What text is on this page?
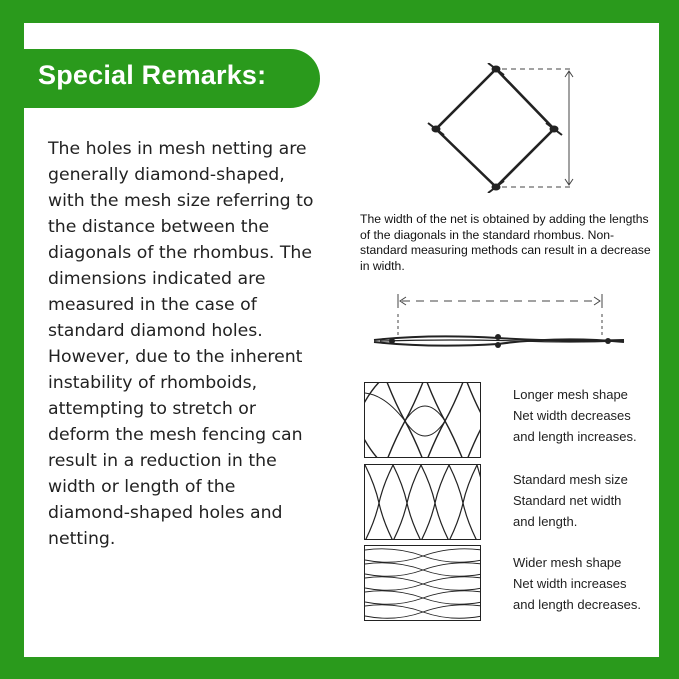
Special Remarks:
The holes in mesh netting are generally diamond-shaped, with the mesh size referring to the distance between the diagonals of the rhombus. The dimensions indicated are measured in the case of standard diamond holes. However, due to the inherent instability of rhomboids, attempting to stretch or deform the mesh fencing can result in a reduction in the width or length of the diamond-shaped holes and netting.
The width of the net is obtained by adding the lengths of the diagonals in the standard rhombus. Non-standard measuring methods can result in a decrease in width.
Longer mesh shape
Net width decreases
and length increases.
Standard mesh size
Standard net width
and length.
Wider mesh shape
Net width increases
and length decreases.
